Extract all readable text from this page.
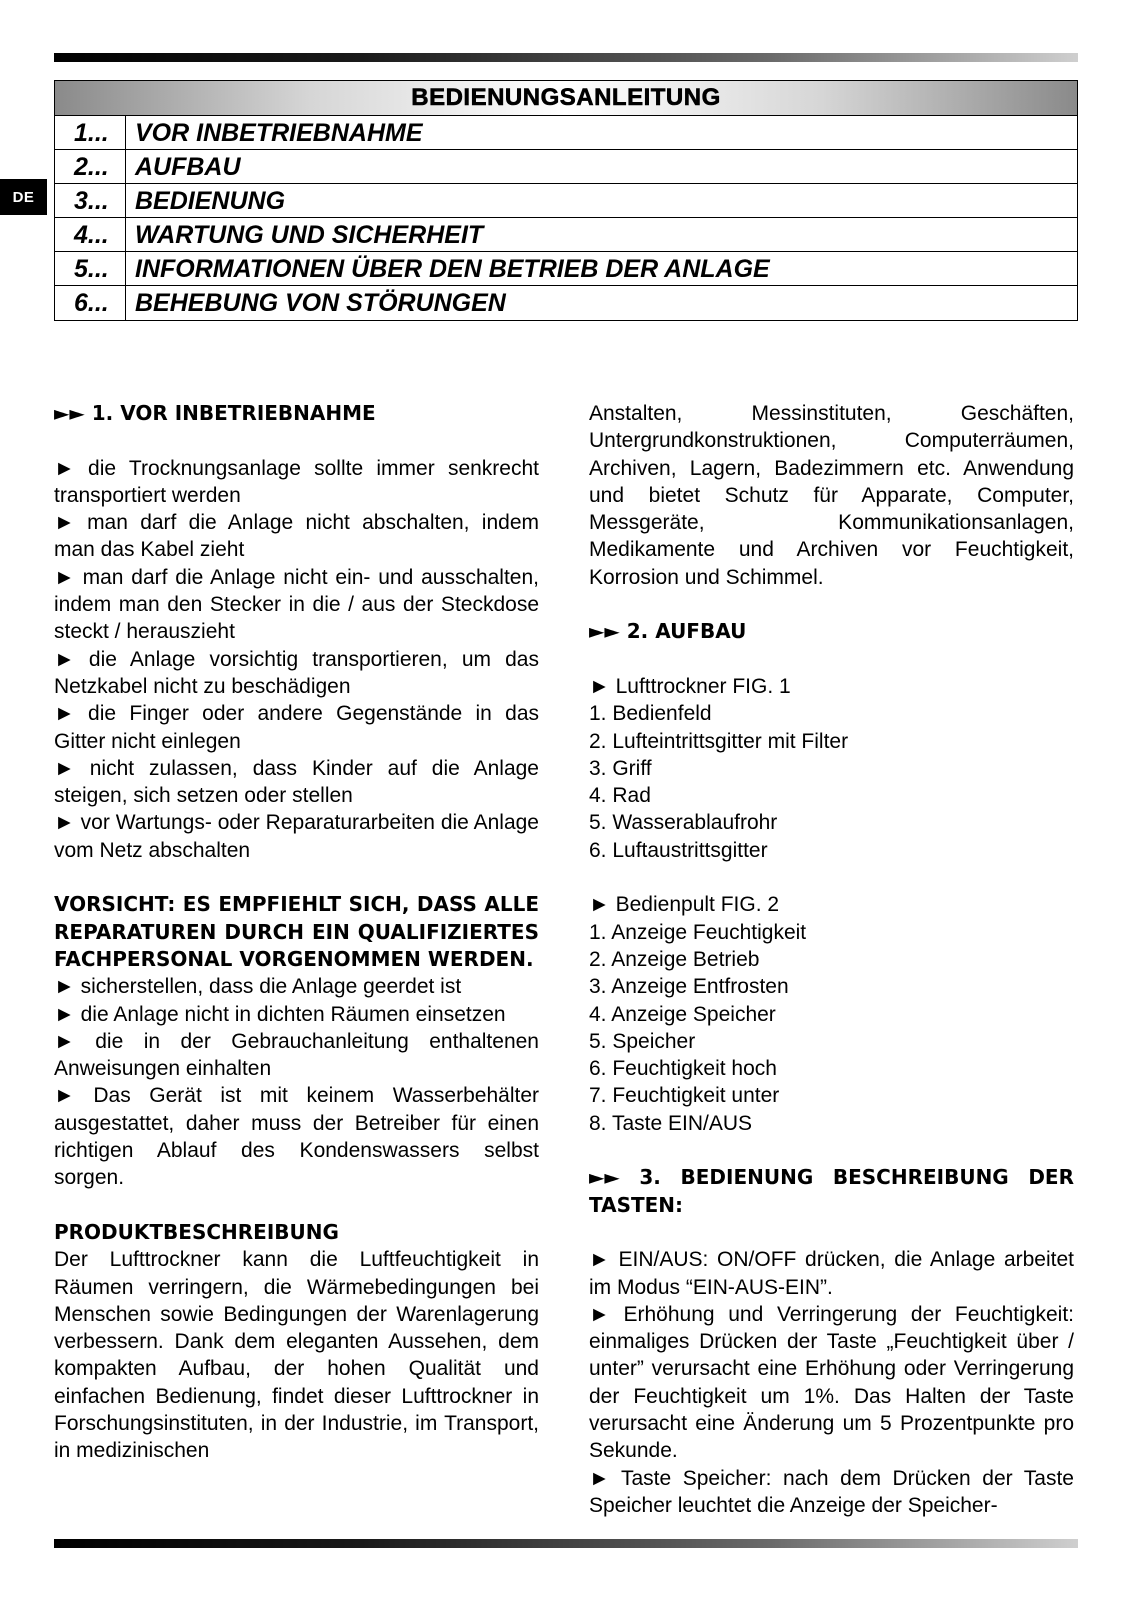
DE
BEDIENUNGSANLEITUNG
1...	VOR INBETRIEBNAHME
2...	AUFBAU
3...	BEDIENUNG
4...	WARTUNG UND SICHERHEIT
5...	INFORMATIONEN ÜBER DEN BETRIEB DER ANLAGE
6...	BEHEBUNG VON STÖRUNGEN

►► 1. VOR INBETRIEBNAHME

► die Trocknungsanlage sollte immer senkrecht transportiert werden

► man darf die Anlage nicht abschalten, indem man das Kabel zieht

► man darf die Anlage nicht ein- und ausschalten, indem man den Stecker in die / aus der Steckdose steckt / herauszieht

► die Anlage vorsichtig transportieren, um das Netzkabel nicht zu beschädigen

► die Finger oder andere Gegenstände in das Gitter nicht einlegen

► nicht zulassen, dass Kinder auf die Anlage steigen, sich setzen oder stellen

► vor Wartungs- oder Reparaturarbeiten die Anlage vom Netz abschalten

VORSICHT: ES EMPFIEHLT SICH, DASS ALLE REPARATUREN DURCH EIN QUALIFIZIERTES FACHPERSONAL VORGENOMMEN WERDEN.

► sicherstellen, dass die Anlage geerdet ist

► die Anlage nicht in dichten Räumen einsetzen

► die in der Gebrauchanleitung enthaltenen Anweisungen einhalten

► Das Gerät ist mit keinem Wasserbehälter ausgestattet, daher muss der Betreiber für einen richtigen Ablauf des Kondenswassers selbst sorgen.

PRODUKTBESCHREIBUNG

Der Lufttrockner kann die Luftfeuchtigkeit in Räumen verringern, die Wärmebedingungen bei Menschen sowie Bedingungen der Warenlagerung verbessern. Dank dem eleganten Aussehen, dem kompakten Aufbau, der hohen Qualität und einfachen Bedienung, findet dieser Lufttrockner in Forschungsinstituten, in der Industrie, im Transport, in medizinischen

Anstalten, Messinstituten, Geschäften, Untergrundkonstruktionen, Computerräumen, Archiven, Lagern, Badezimmern etc. Anwendung und bietet Schutz für Apparate, Computer, Messgeräte, Kommunikationsanlagen, Medikamente und Archiven vor Feuchtigkeit, Korrosion und Schimmel.

►► 2. AUFBAU

► Lufttrockner FIG. 1

1. Bedienfeld

2. Lufteintrittsgitter mit Filter

3. Griff

4. Rad

5. Wasserablaufrohr

6. Luftaustrittsgitter

► Bedienpult FIG. 2

1. Anzeige Feuchtigkeit

2. Anzeige Betrieb

3. Anzeige Entfrosten

4. Anzeige Speicher

5. Speicher

6. Feuchtigkeit hoch

7. Feuchtigkeit unter

8. Taste EIN/AUS

►► 3. BEDIENUNG BESCHREIBUNG DER TASTEN:

► EIN/AUS: ON/OFF drücken, die Anlage arbeitet im Modus “EIN-AUS-EIN”.

► Erhöhung und Verringerung der Feuchtigkeit: einmaliges Drücken der Taste „Feuchtigkeit über / unter” verursacht eine Erhöhung oder Verringerung der Feuchtigkeit um 1%. Das Halten der Taste verursacht eine Änderung um 5 Prozentpunkte pro Sekunde.

► Taste Speicher: nach dem Drücken der Taste Speicher leuchtet die Anzeige der Speicher-
